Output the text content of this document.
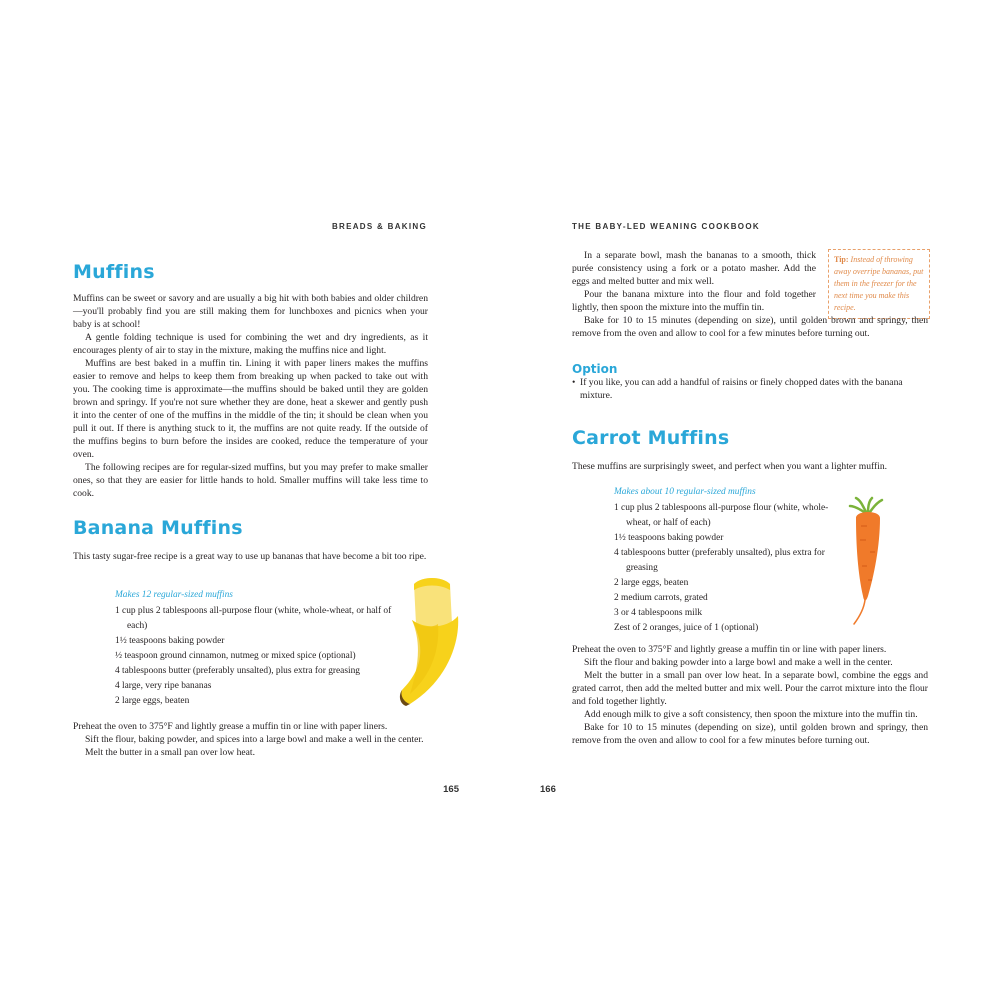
BREADS & BAKING
Muffins

Muffins can be sweet or savory and are usually a big hit with both babies and older children—you'll probably find you are still making them for lunchboxes and picnics when your baby is at school!

A gentle folding technique is used for combining the wet and dry ingredients, as it encourages plenty of air to stay in the mixture, making the muffins nice and light.

Muffins are best baked in a muffin tin. Lining it with paper liners makes the muffins easier to remove and helps to keep them from breaking up when packed to take out with you. The cooking time is approximate—the muffins should be baked until they are golden brown and springy. If you're not sure whether they are done, heat a skewer and gently push it into the center of one of the muffins in the middle of the tin; it should be clean when you pull it out. If there is anything stuck to it, the muffins are not quite ready. If the outside of the muffins begins to burn before the insides are cooked, reduce the temperature of your oven.

The following recipes are for regular-sized muffins, but you may prefer to make smaller ones, so that they are easier for little hands to hold. Smaller muffins will take less time to cook.

Banana Muffins

This tasty sugar-free recipe is a great way to use up bananas that have become a bit too ripe.

Makes 12 regular-sized muffins
1 cup plus 2 tablespoons all-purpose flour (white, whole-wheat, or half of each)
1½ teaspoons baking powder
½ teaspoon ground cinnamon, nutmeg or mixed spice (optional)
4 tablespoons butter (preferably unsalted), plus extra for greasing
4 large, very ripe bananas
2 large eggs, beaten

Preheat the oven to 375°F and lightly grease a muffin tin or line with paper liners.

Sift the flour, baking powder, and spices into a large bowl and make a well in the center.

Melt the butter in a small pan over low heat.

165
THE BABY-LED WEANING COOKBOOK

In a separate bowl, mash the bananas to a smooth, thick purée consistency using a fork or a potato masher. Add the eggs and melted butter and mix well.

Pour the banana mixture into the flour and fold together lightly, then spoon the mixture into the muffin tin.

Tip: Instead of throwing away overripe bananas, put them in the freezer for the next time you make this recipe.

Bake for 10 to 15 minutes (depending on size), until golden brown and springy, then remove from the oven and allow to cool for a few minutes before turning out.

Option
• If you like, you can add a handful of raisins or finely chopped dates with the banana mixture.
Carrot Muffins

These muffins are surprisingly sweet, and perfect when you want a lighter muffin.

Makes about 10 regular-sized muffins
1 cup plus 2 tablespoons all-purpose flour (white, whole-wheat, or half of each)
1½ teaspoons baking powder
4 tablespoons butter (preferably unsalted), plus extra for greasing
2 large eggs, beaten
2 medium carrots, grated
3 or 4 tablespoons milk
Zest of 2 oranges, juice of 1 (optional)

Preheat the oven to 375°F and lightly grease a muffin tin or line with paper liners.

Sift the flour and baking powder into a large bowl and make a well in the center.

Melt the butter in a small pan over low heat. In a separate bowl, combine the eggs and grated carrot, then add the melted butter and mix well. Pour the carrot mixture into the flour and fold together lightly.

Add enough milk to give a soft consistency, then spoon the mixture into the muffin tin.

Bake for 10 to 15 minutes (depending on size), until golden brown and springy, then remove from the oven and allow to cool for a few minutes before turning out.

166
